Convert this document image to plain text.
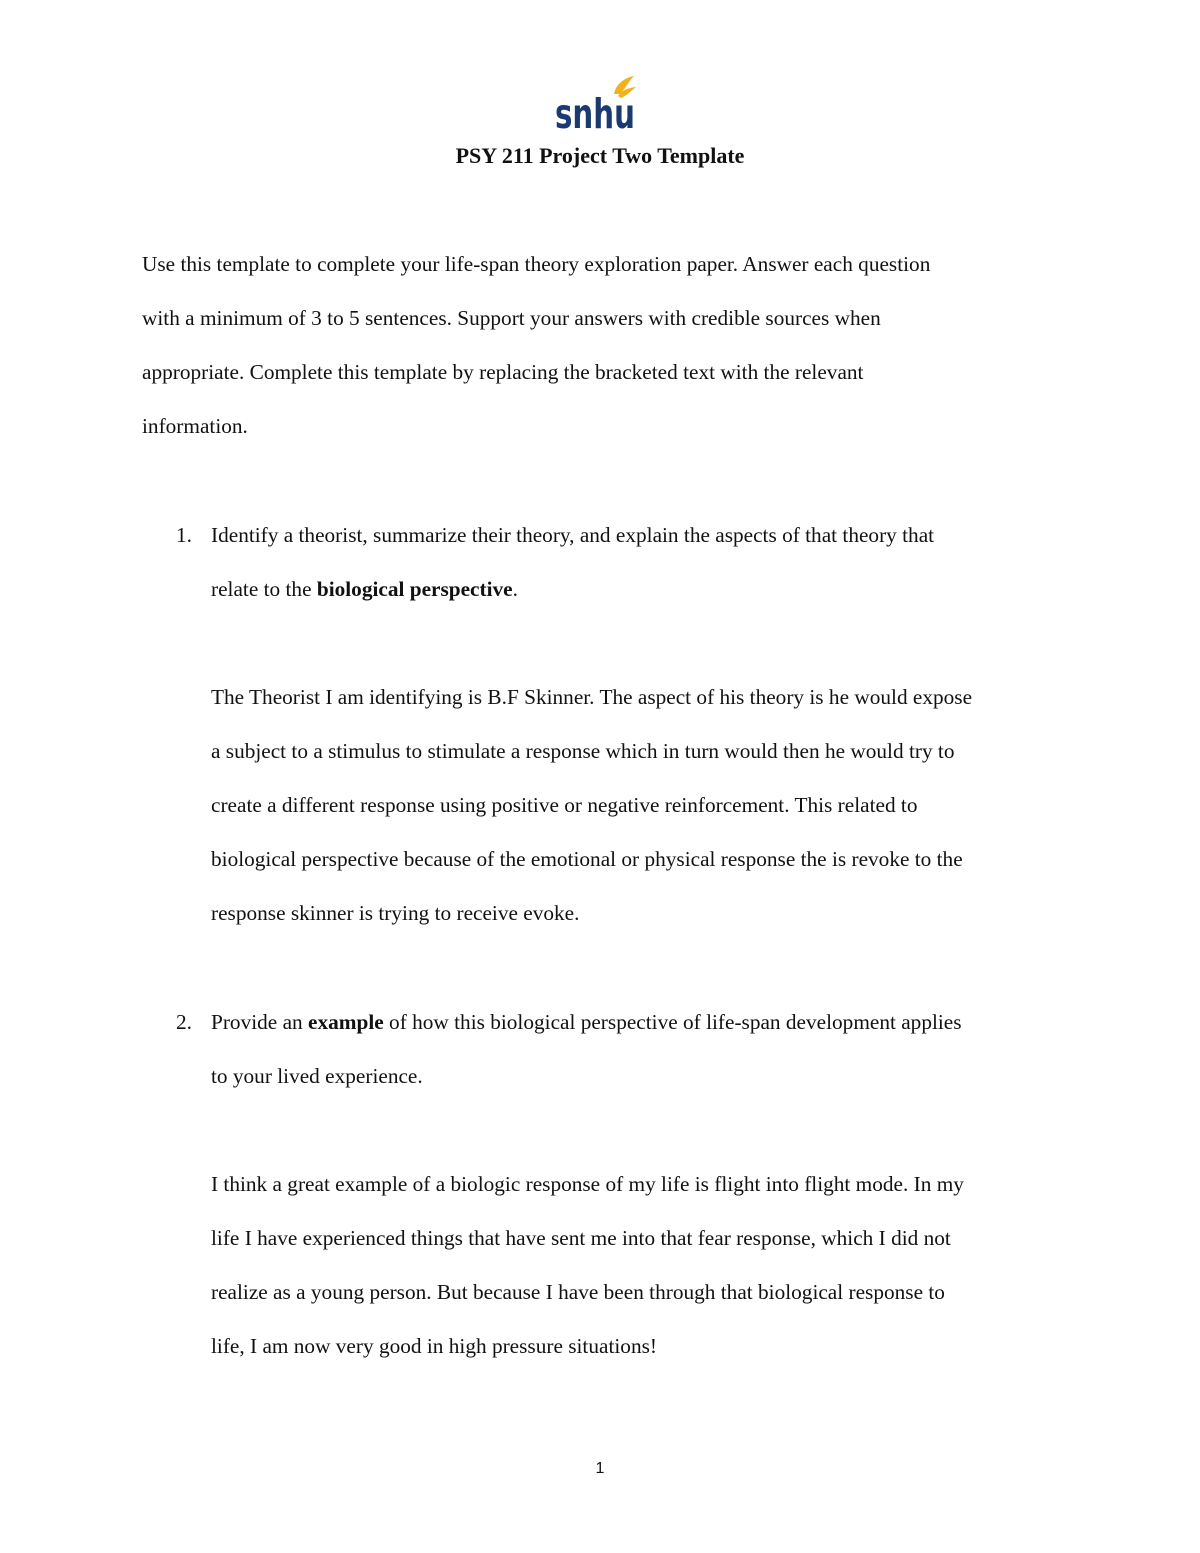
snhu
PSY 211 Project Two Template
Use this template to complete your life-span theory exploration paper. Answer each question
with a minimum of 3 to 5 sentences. Support your answers with credible sources when
appropriate. Complete this template by replacing the bracketed text with the relevant
information.
1. Identify a theorist, summarize their theory, and explain the aspects of that theory that
relate to the biological perspective.
The Theorist I am identifying is B.F Skinner. The aspect of his theory is he would expose
a subject to a stimulus to stimulate a response which in turn would then he would try to
create a different response using positive or negative reinforcement. This related to
biological perspective because of the emotional or physical response the is revoke to the
response skinner is trying to receive evoke.
2. Provide an example of how this biological perspective of life-span development applies
to your lived experience.
I think a great example of a biologic response of my life is flight into flight mode. In my
life I have experienced things that have sent me into that fear response, which I did not
realize as a young person. But because I have been through that biological response to
life, I am now very good in high pressure situations!
1
